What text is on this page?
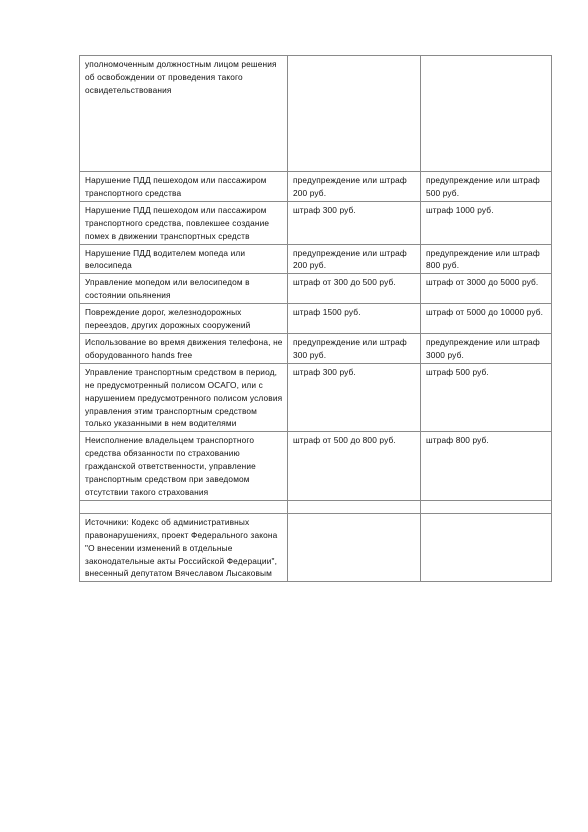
уполномоченным должностным лицом решения об освобождении от проведения такого освидетельствования		
Нарушение ПДД пешеходом или пассажиром транспортного средства	предупреждение или штраф 200 руб.	предупреждение или штраф 500 руб.
Нарушение ПДД пешеходом или пассажиром транспортного средства, повлекшее создание помех в движении транспортных средств	штраф 300 руб.	штраф 1000 руб.
Нарушение ПДД водителем мопеда или велосипеда	предупреждение или штраф 200 руб.	предупреждение или штраф 800 руб.
Управление мопедом или велосипедом в состоянии опьянения	штраф от 300 до 500 руб.	штраф от 3000 до 5000 руб.
Повреждение дорог, железнодорожных переездов, других дорожных сооружений	штраф 1500 руб.	штраф от 5000 до 10000 руб.
Использование во время движения телефона, не оборудованного hands free	предупреждение или штраф 300 руб.	предупреждение или штраф 3000 руб.
Управление транспортным средством в период, не предусмотренный полисом ОСАГО, или с нарушением предусмотренного полисом условия управления этим транспортным средством только указанными в нем водителями	штраф 300 руб.	штраф 500 руб.
Неисполнение владельцем транспортного средства обязанности по страхованию гражданской ответственности, управление транспортным средством при заведомом отсутствии такого страхования	штраф от 500 до 800 руб.	штраф 800 руб.

Источники: Кодекс об административных правонарушениях, проект Федерального закона "О внесении изменений в отдельные законодательные акты Российской Федерации", внесенный депутатом Вячеславом Лысаковым		
